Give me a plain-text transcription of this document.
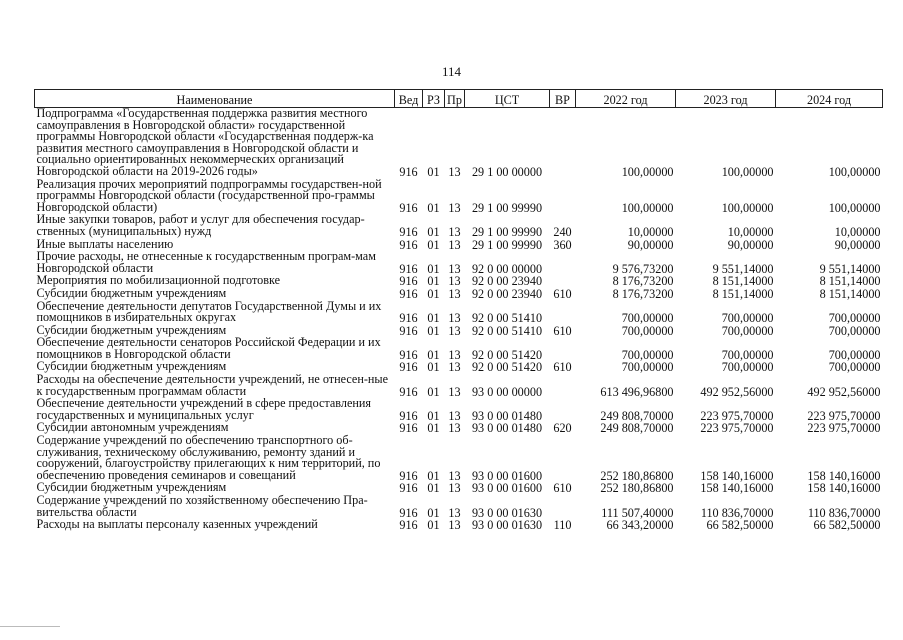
114
Наименование	Вед	РЗ	Пр	ЦСТ	ВР	2022 год	2023 год	2024 год
Подпрограмма «Государственная поддержка развития местного самоуправления в Новгородской области» государственной программы Новгородской области «Государственная поддерж-ка развития местного самоуправления в Новгородской области и социально ориентированных некоммерческих организаций Новгородской области на 2019-2026 годы»	916	01	13	29 1 00 00000		100,00000	100,00000	100,00000
Реализация прочих мероприятий подпрограммы государствен-ной программы Новгородской области (государственной про-граммы Новгородской области)	916	01	13	29 1 00 99990		100,00000	100,00000	100,00000
Иные закупки товаров, работ и услуг для обеспечения государ-ственных (муниципальных) нужд	916	01	13	29 1 00 99990	240	10,00000	10,00000	10,00000
Иные выплаты населению	916	01	13	29 1 00 99990	360	90,00000	90,00000	90,00000
Прочие расходы, не отнесенные к государственным програм-мам Новгородской области	916	01	13	92 0 00 00000		9 576,73200	9 551,14000	9 551,14000
Мероприятия по мобилизационной подготовке	916	01	13	92 0 00 23940		8 176,73200	8 151,14000	8 151,14000
Субсидии бюджетным учреждениям	916	01	13	92 0 00 23940	610	8 176,73200	8 151,14000	8 151,14000
Обеспечение деятельности депутатов Государственной Думы и их помощников в избирательных округах	916	01	13	92 0 00 51410		700,00000	700,00000	700,00000
Субсидии бюджетным учреждениям	916	01	13	92 0 00 51410	610	700,00000	700,00000	700,00000
Обеспечение деятельности сенаторов Российской Федерации и их помощников в Новгородской области	916	01	13	92 0 00 51420		700,00000	700,00000	700,00000
Субсидии бюджетным учреждениям	916	01	13	92 0 00 51420	610	700,00000	700,00000	700,00000
Расходы на обеспечение деятельности учреждений, не отнесен-ные к государственным программам области	916	01	13	93 0 00 00000		613 496,96800	492 952,56000	492 952,56000
Обеспечение деятельности учреждений в сфере предоставления государственных и муниципальных услуг	916	01	13	93 0 00 01480		249 808,70000	223 975,70000	223 975,70000
Субсидии автономным учреждениям	916	01	13	93 0 00 01480	620	249 808,70000	223 975,70000	223 975,70000
Содержание учреждений по обеспечению транспортного об-служивания, техническому обслуживанию, ремонту зданий и сооружений, благоустройству прилегающих к ним территорий, по обеспечению проведения семинаров и совещаний	916	01	13	93 0 00 01600		252 180,86800	158 140,16000	158 140,16000
Субсидии бюджетным учреждениям	916	01	13	93 0 00 01600	610	252 180,86800	158 140,16000	158 140,16000
Содержание учреждений по хозяйственному обеспечению Пра-вительства области	916	01	13	93 0 00 01630		111 507,40000	110 836,70000	110 836,70000
Расходы на выплаты персоналу казенных учреждений	916	01	13	93 0 00 01630	110	66 343,20000	66 582,50000	66 582,50000
